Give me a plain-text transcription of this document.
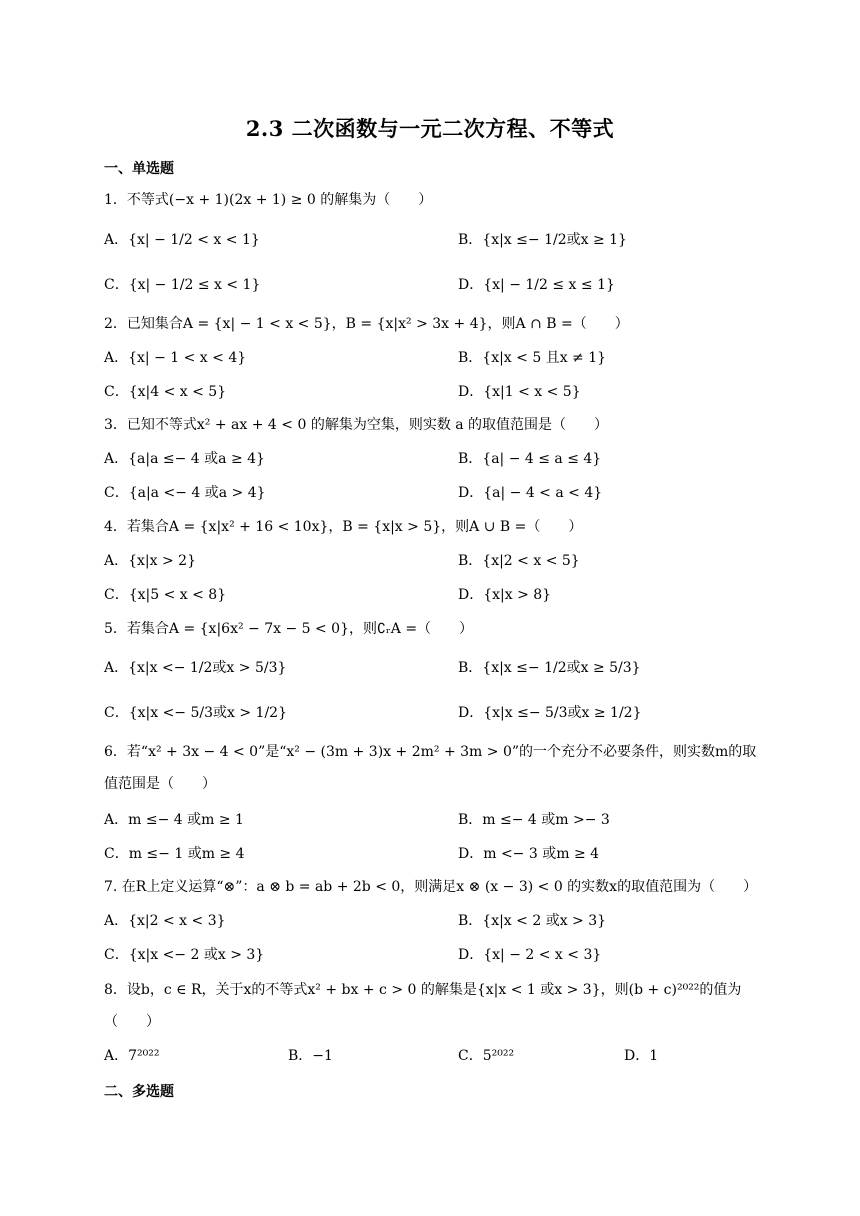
2.3 二次函数与一元二次方程、不等式
一、单选题
1．不等式(−x + 1)(2x + 1) ≥ 0 的解集为（　　）
A．{x| − 1/2 < x < 1}	B．{x|x ≤− 1/2或x ≥ 1}
C．{x| − 1/2 ≤ x < 1}	D．{x| − 1/2 ≤ x ≤ 1}
2．已知集合A = {x| − 1 < x < 5}，B = {x|x² > 3x + 4}，则A ∩ B =（　　）
A．{x| − 1 < x < 4}	B．{x|x < 5 且x ≠ 1}
C．{x|4 < x < 5}	D．{x|1 < x < 5}
3．已知不等式x² + ax + 4 < 0 的解集为空集，则实数 a 的取值范围是（　　）
A．{a|a ≤− 4 或a ≥ 4}	B．{a| − 4 ≤ a ≤ 4}
C．{a|a <− 4 或a > 4}	D．{a| − 4 < a < 4}
4．若集合A = {x|x² + 16 < 10x}，B = {x|x > 5}，则A ∪ B =（　　）
A．{x|x > 2}	B．{x|2 < x < 5}
C．{x|5 < x < 8}	D．{x|x > 8}
5．若集合A = {x|6x² − 7x − 5 < 0}，则∁ᵣA =（　　）
A．{x|x <− 1/2或x > 5/3}	B．{x|x ≤− 1/2或x ≥ 5/3}
C．{x|x <− 5/3或x > 1/2}	D．{x|x ≤− 5/3或x ≥ 1/2}
6．若“x² + 3x − 4 < 0”是“x² − (3m + 3)x + 2m² + 3m > 0”的一个充分不必要条件，则实数m的取值范围是（　　）
A．m ≤− 4 或m ≥ 1	B．m ≤− 4 或m >− 3
C．m ≤− 1 或m ≥ 4	D．m <− 3 或m ≥ 4
7. 在R上定义运算“⊗”：a ⊗ b = ab + 2b < 0，则满足x ⊗ (x − 3) < 0 的实数x的取值范围为（　　）
A．{x|2 < x < 3}	B．{x|x < 2 或x > 3}
C．{x|x <− 2 或x > 3}	D．{x| − 2 < x < 3}
8．设b，c ∈ R，关于x的不等式x² + bx + c > 0 的解集是{x|x < 1 或x > 3}，则(b + c)²⁰²²的值为（　　）
A．7²⁰²²	B．−1	C．5²⁰²²	D．1
二、多选题
